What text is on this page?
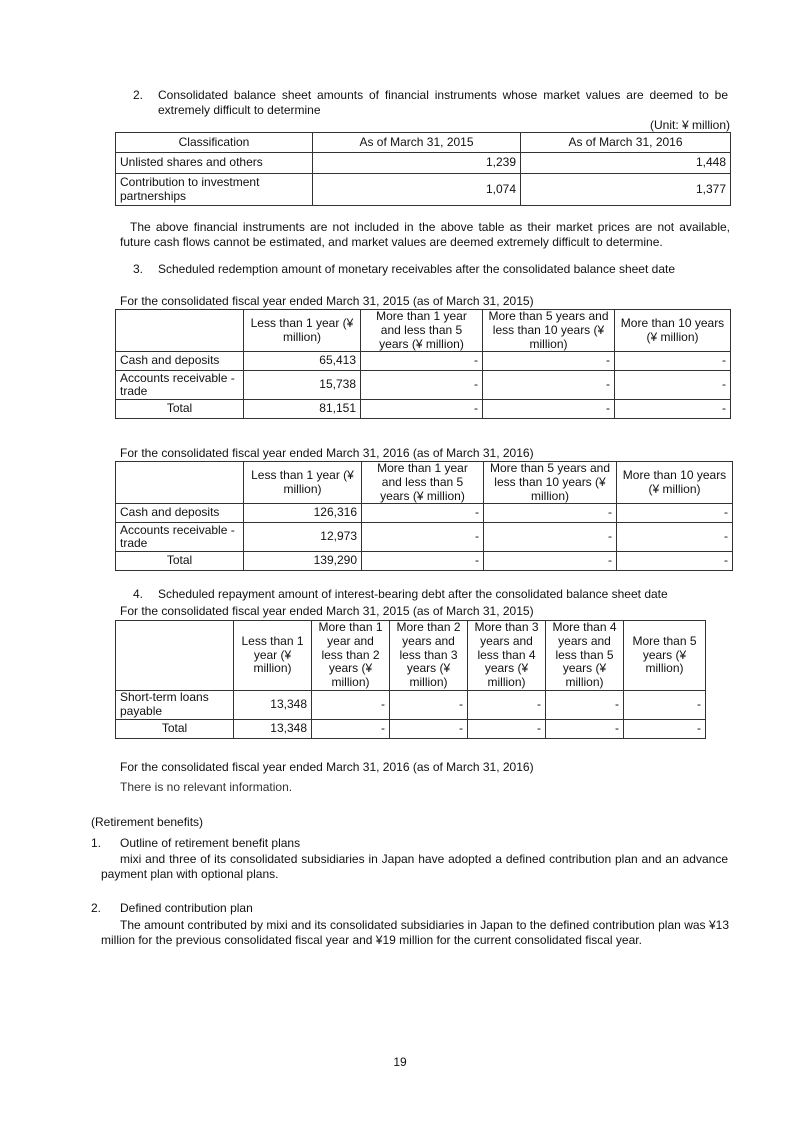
2. Consolidated balance sheet amounts of financial instruments whose market values are deemed to be extremely difficult to determine

(Unit: ¥ million)
Classification	As of March 31, 2015	As of March 31, 2016
Unlisted shares and others	1,239	1,448
Contribution to investment partnerships	1,074	1,377

The above financial instruments are not included in the above table as their market prices are not available, future cash flows cannot be estimated, and market values are deemed extremely difficult to determine.

3. Scheduled redemption amount of monetary receivables after the consolidated balance sheet date
For the consolidated fiscal year ended March 31, 2015 (as of March 31, 2015)
	Less than 1 year (¥ million)	More than 1 year and less than 5 years (¥ million)	More than 5 years and less than 10 years (¥ million)	More than 10 years (¥ million)
Cash and deposits	65,413	-	-	-
Accounts receivable - trade	15,738	-	-	-
Total	81,151	-	-	-
For the consolidated fiscal year ended March 31, 2016 (as of March 31, 2016)
	Less than 1 year (¥ million)	More than 1 year and less than 5 years (¥ million)	More than 5 years and less than 10 years (¥ million)	More than 10 years (¥ million)
Cash and deposits	126,316	-	-	-
Accounts receivable - trade	12,973	-	-	-
Total	139,290	-	-	-
4. Scheduled repayment amount of interest-bearing debt after the consolidated balance sheet date
For the consolidated fiscal year ended March 31, 2015 (as of March 31, 2015)
	Less than 1 year (¥ million)	More than 1 year and less than 2 years (¥ million)	More than 2 years and less than 3 years (¥ million)	More than 3 years and less than 4 years (¥ million)	More than 4 years and less than 5 years (¥ million)	More than 5 years (¥ million)
Short-term loans payable	13,348	-	-	-	-	-
Total	13,348	-	-	-	-	-
For the consolidated fiscal year ended March 31, 2016 (as of March 31, 2016)
There is no relevant information.
(Retirement benefits)
1. Outline of retirement benefit plans

mixi and three of its consolidated subsidiaries in Japan have adopted a defined contribution plan and an advance payment plan with optional plans.

2. Defined contribution plan

The amount contributed by mixi and its consolidated subsidiaries in Japan to the defined contribution plan was ¥13 million for the previous consolidated fiscal year and ¥19 million for the current consolidated fiscal year.

19
